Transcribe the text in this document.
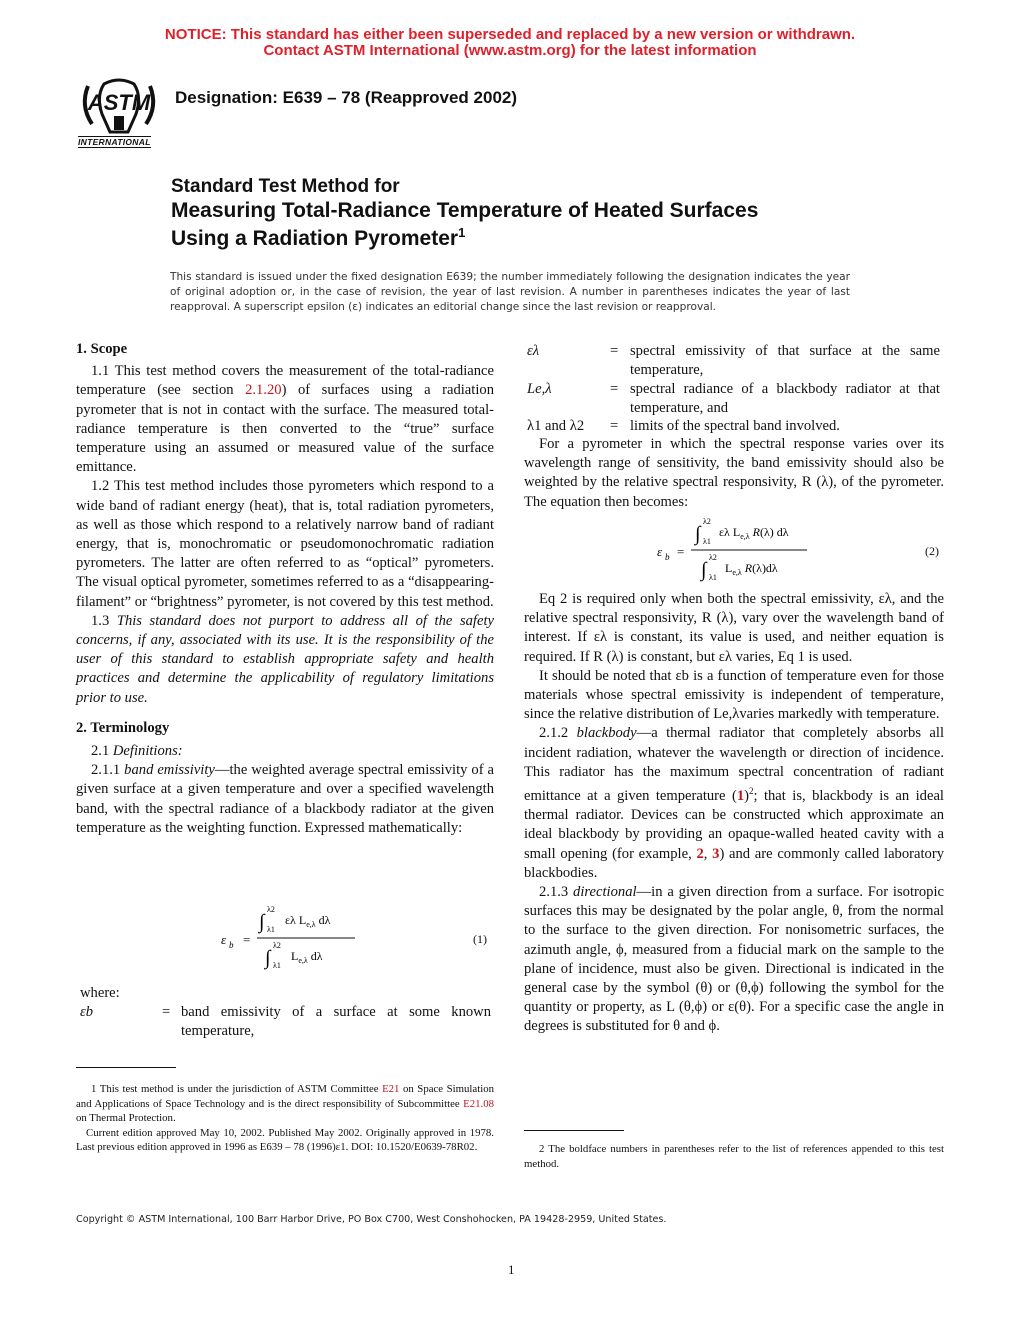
NOTICE: This standard has either been superseded and replaced by a new version or withdrawn.
Contact ASTM International (www.astm.org) for the latest information
ASTM
INTERNATIONAL
Designation: E639 – 78 (Reapproved 2002)
Standard Test Method for
Measuring Total-Radiance Temperature of Heated Surfaces
Using a Radiation Pyrometer$^1$
This standard is issued under the fixed designation E639; the number immediately following the designation indicates the year of original adoption or, in the case of revision, the year of last revision. A number in parentheses indicates the year of last reapproval. A superscript epsilon (ε) indicates an editorial change since the last revision or reapproval.
1. Scope

1.1 This test method covers the measurement of the total-radiance temperature (see section 2.1.20) of surfaces using a radiation pyrometer that is not in contact with the surface. The measured total-radiance temperature is then converted to the “true” surface temperature using an assumed or measured value of the surface emittance.

1.2 This test method includes those pyrometers which respond to a wide band of radiant energy (heat), that is, total radiation pyrometers, as well as those which respond to a relatively narrow band of radiant energy, that is, monochromatic or pseudomonochromatic radiation pyrometers. The latter are often referred to as “optical” pyrometers. The visual optical pyrometer, sometimes referred to as a “disappearing-filament” or “brightness” pyrometer, is not covered by this test method.

1.3 This standard does not purport to address all of the safety concerns, if any, associated with its use. It is the responsibility of the user of this standard to establish appropriate safety and health practices and determine the applicability of regulatory limitations prior to use.

2. Terminology

2.1 Definitions:

2.1.1 band emissivity—the weighted average spectral emissivity of a given surface at a given temperature and over a specified wavelength band, with the spectral radiance of a blackbody radiator at the given temperature as the weighting function. Expressed mathematically:

ε b =
∫
λ2
λ1
ελ $L_{e,\lambda}$ dλ
∫
λ2
λ1
$L_{e,\lambda}$ dλ
(1)
where:
εb	= band emissivity of a surface at some known temperature,

1 This test method is under the jurisdiction of ASTM Committee E21 on Space Simulation and Applications of Space Technology and is the direct responsibility of Subcommittee E21.08 on Thermal Protection.

Current edition approved May 10, 2002. Published May 2002. Originally approved in 1978. Last previous edition approved in 1996 as E639 – 78 (1996)ε1. DOI: 10.1520/E0639-78R02.

ελ	= spectral emissivity of that surface at the same temperature,
Le,λ	= spectral radiance of a blackbody radiator at that temperature, and
λ1 and λ2 = limits of the spectral band involved.

For a pyrometer in which the spectral response varies over its wavelength range of sensitivity, the band emissivity should also be weighted by the relative spectral responsivity, R (λ), of the pyrometer. The equation then becomes:

ε b =
∫
λ2
λ1
ελ $L_{e,\lambda}$ R(λ) dλ
∫
λ2
λ1
$L_{e,\lambda}$ R(λ)dλ
(2)

Eq 2 is required only when both the spectral emissivity, ελ, and the relative spectral responsivity, R (λ), vary over the wavelength band of interest. If ελ is constant, its value is used, and neither equation is required. If R (λ) is constant, but ελ varies, Eq 1 is used.

It should be noted that εb is a function of temperature even for those materials whose spectral emissivity is independent of temperature, since the relative distribution of Le,λvaries markedly with temperature.

2.1.2 blackbody—a thermal radiator that completely absorbs all incident radiation, whatever the wavelength or direction of incidence. This radiator has the maximum spectral concentration of radiant emittance at a given temperature $(1)^2$; that is, blackbody is an ideal thermal radiator. Devices can be constructed which approximate an ideal blackbody by providing an opaque-walled heated cavity with a small opening (for example, 2, 3) and are commonly called laboratory blackbodies.

2.1.3 directional—in a given direction from a surface. For isotropic surfaces this may be designated by the polar angle, θ, from the normal to the surface to the given direction. For nonisometric surfaces, the azimuth angle, ϕ, measured from a fiducial mark on the sample to the plane of incidence, must also be given. Directional is indicated in the general case by the symbol (θ) or (θ,ϕ) following the symbol for the quantity or property, as L (θ,ϕ) or ε(θ). For a specific case the angle in degrees is substituted for θ and ϕ.

2 The boldface numbers in parentheses refer to the list of references appended to this test method.
Copyright © ASTM International, 100 Barr Harbor Drive, PO Box C700, West Conshohocken, PA 19428-2959, United States.
1
